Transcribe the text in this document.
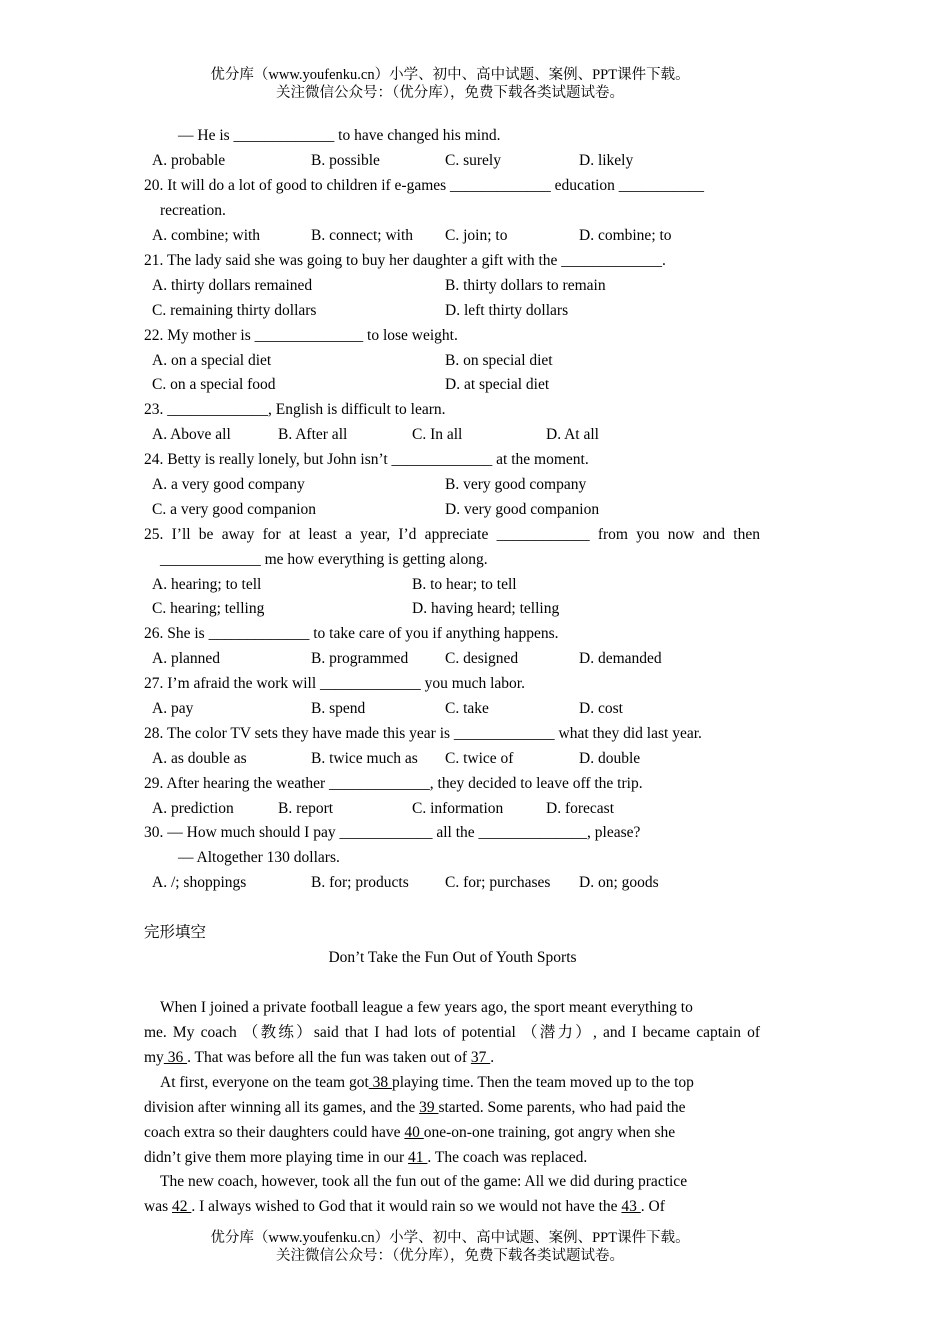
优分库（www.youfenku.cn）小学、初中、高中试题、案例、PPT课件下载。
关注微信公众号：（优分库），免费下载各类试题试卷。
— He is _____________ to have changed his mind.
A. probable	B. possible	C. surely	D. likely
20. It will do a lot of good to children if e-games _____________ education ___________
recreation.
A. combine; with	B. connect; with C. join; to	D. combine; to
21. The lady said she was going to buy her daughter a gift with the _____________.
A. thirty dollars remained	B. thirty dollars to remain
C. remaining thirty dollars	D. left thirty dollars
22. My mother is ______________ to lose weight.
A. on a special diet	B. on special diet
C. on a special food	D. at special diet
23. _____________, English is difficult to learn.
A. Above all	B. After all	C. In all	D. At all
24. Betty is really lonely, but John isn’t _____________ at the moment.
A. a very good company	B. very good company
C. a very good companion	D. very good companion
25. I’ll be away for at least a year, I’d appreciate ____________ from you now and then
_____________ me how everything is getting along.
A. hearing; to tell	B. to hear; to tell
C. hearing; telling	D. having heard; telling
26. She is _____________ to take care of you if anything happens.
A. planned	B. programmed C. designed	D. demanded
27. I’m afraid the work will _____________ you much labor.
A. pay	B. spend	C. take	D. cost
28. The color TV sets they have made this year is _____________ what they did last year.
A. as double as	B. twice much as C. twice of	D. double
29. After hearing the weather _____________, they decided to leave off the trip.
A. prediction	B. report	C. information	D. forecast
30. — How much should I pay ____________ all the ______________, please?
— Altogether 130 dollars.
A. /; shoppings	B. for; products C. for; purchases D. on; goods
完形填空
Don’t Take the Fun Out of Youth Sports
When I joined a private football league a few years ago, the sport meant everything to
me. My coach （教练）said that I had lots of potential （潜力）, and I became captain of
my 36 . That was before all the fun was taken out of 37 .
At first, everyone on the team got 38 playing time. Then the team moved up to the top
division after winning all its games, and the 39 started. Some parents, who had paid the
coach extra so their daughters could have 40 one-on-one training, got angry when she
didn’t give them more playing time in our 41 . The coach was replaced.
The new coach, however, took all the fun out of the game: All we did during practice
was 42 . I always wished to God that it would rain so we would not have the 43 . Of
优分库（www.youfenku.cn）小学、初中、高中试题、案例、PPT课件下载。
关注微信公众号：（优分库），免费下载各类试题试卷。
